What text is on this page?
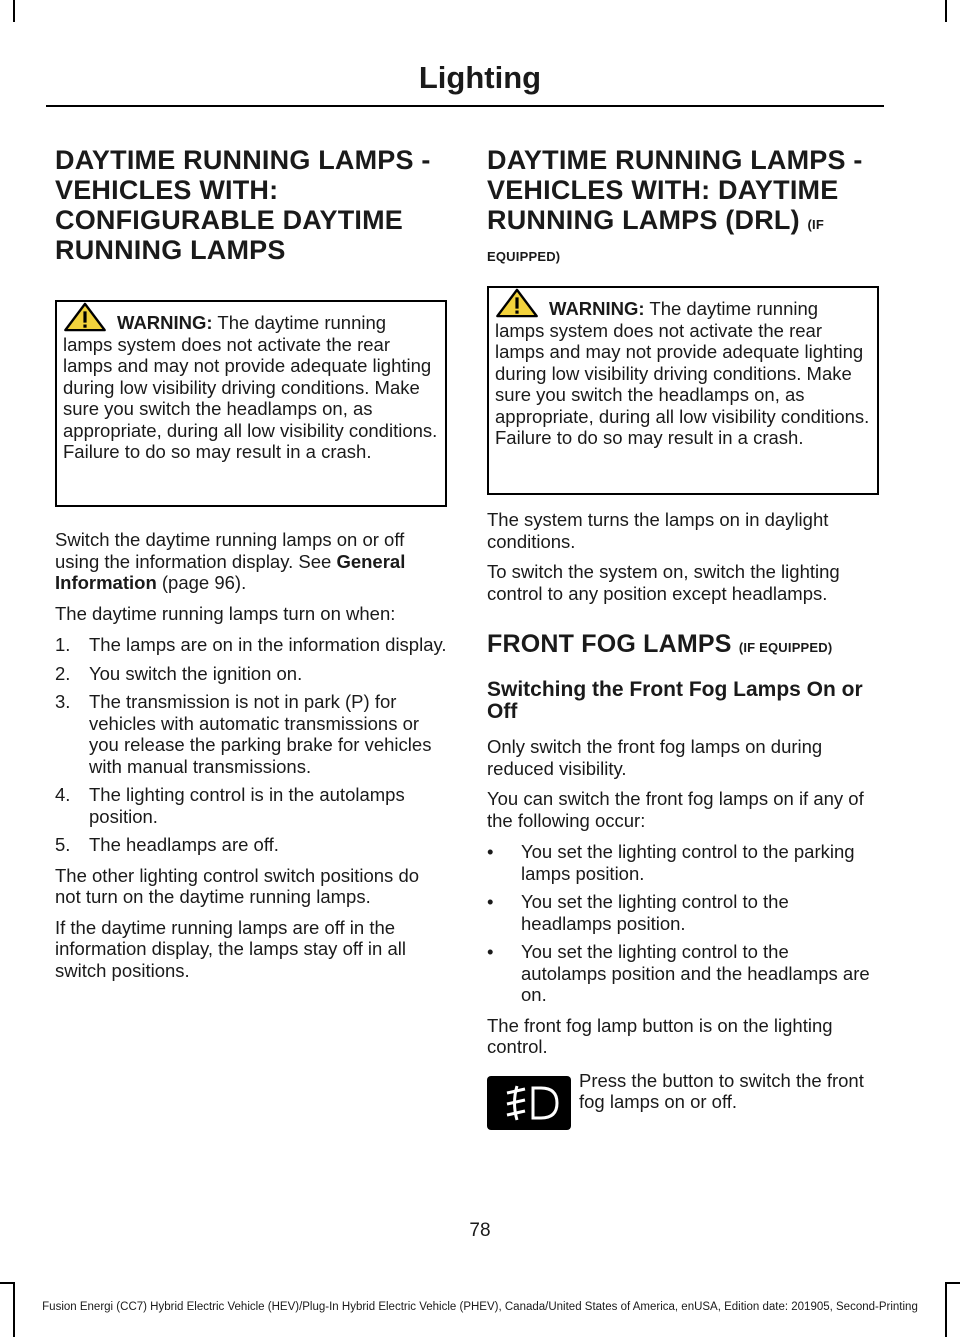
Lighting
DAYTIME RUNNING LAMPS -
VEHICLES WITH:
CONFIGURABLE DAYTIME
RUNNING LAMPS

WARNING: The daytime running lamps system does not activate the rear lamps and may not provide adequate lighting during low visibility driving conditions. Make sure you switch the headlamps on, as appropriate, during all low visibility conditions. Failure to do so may result in a crash.

Switch the daytime running lamps on or off using the information display. See General Information (page 96).

The daytime running lamps turn on when:

1. The lamps are on in the information display.
2. You switch the ignition on.
3. The transmission is not in park (P) for vehicles with automatic transmissions or you release the parking brake for vehicles with manual transmissions.
4. The lighting control is in the autolamps position.
5. The headlamps are off.

The other lighting control switch positions do not turn on the daytime running lamps.

If the daytime running lamps are off in the information display, the lamps stay off in all switch positions.

DAYTIME RUNNING LAMPS -
VEHICLES WITH: DAYTIME
RUNNING LAMPS (DRL) (IF
EQUIPPED)

WARNING: The daytime running lamps system does not activate the rear lamps and may not provide adequate lighting during low visibility driving conditions. Make sure you switch the headlamps on, as appropriate, during all low visibility conditions. Failure to do so may result in a crash.

The system turns the lamps on in daylight conditions.

To switch the system on, switch the lighting control to any position except headlamps.

FRONT FOG LAMPS (IF EQUIPPED)
Switching the Front Fog Lamps On or Off

Only switch the front fog lamps on during reduced visibility.

You can switch the front fog lamps on if any of the following occur:

• You set the lighting control to the parking lamps position.
• You set the lighting control to the headlamps position.
• You set the lighting control to the autolamps position and the headlamps are on.

The front fog lamp button is on the lighting control.

Press the button to switch the front fog lamps on or off.

78
Fusion Energi (CC7) Hybrid Electric Vehicle (HEV)/Plug-In Hybrid Electric Vehicle (PHEV), Canada/United States of America, enUSA, Edition date: 201905, Second-Printing
